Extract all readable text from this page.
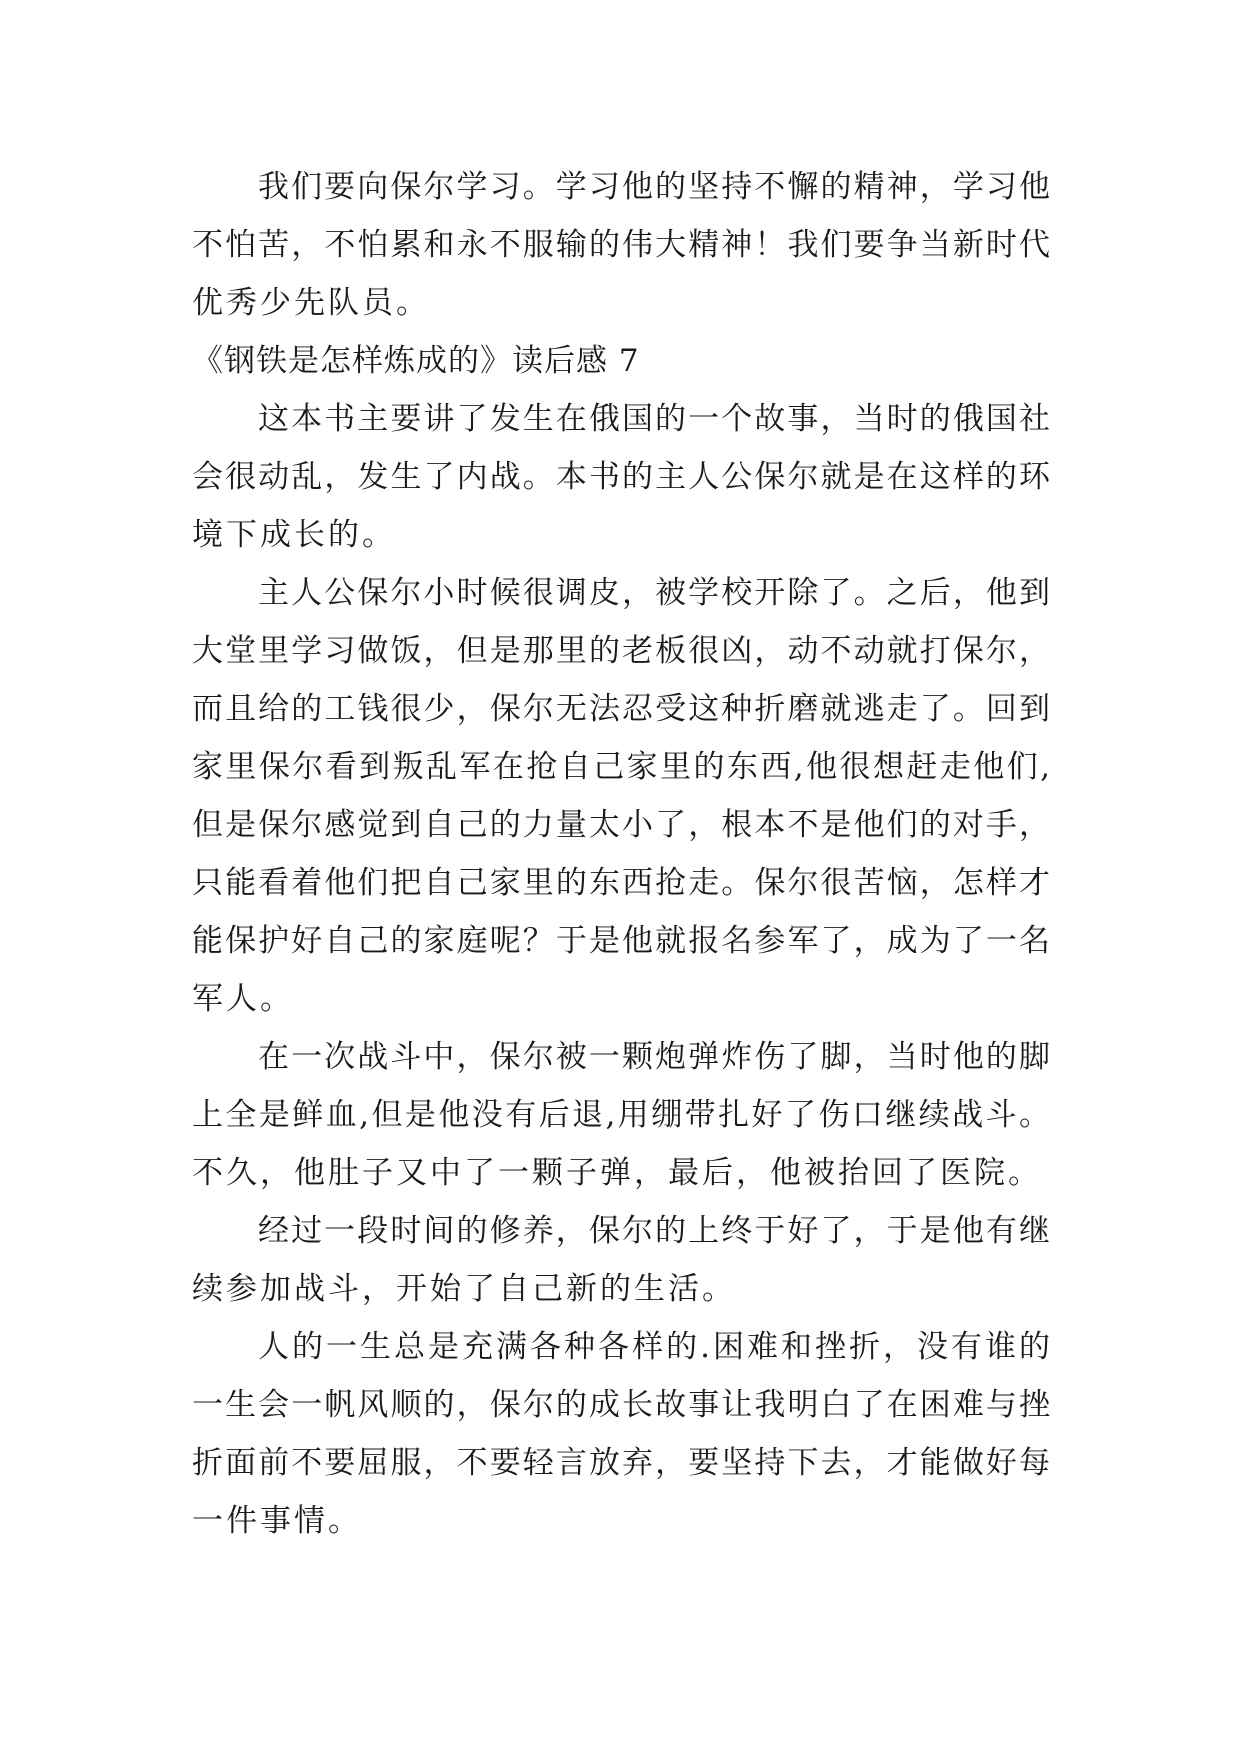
我们要向保尔学习。学习他的坚持不懈的精神，学习他
不怕苦，不怕累和永不服输的伟大精神！我们要争当新时代
优秀少先队员。
《钢铁是怎样炼成的》读后感 7
这本书主要讲了发生在俄国的一个故事，当时的俄国社
会很动乱，发生了内战。本书的主人公保尔就是在这样的环
境下成长的。
主人公保尔小时候很调皮，被学校开除了。之后，他到
大堂里学习做饭，但是那里的老板很凶，动不动就打保尔，
而且给的工钱很少，保尔无法忍受这种折磨就逃走了。回到
家里保尔看到叛乱军在抢自己家里的东西,他很想赶走他们,
但是保尔感觉到自己的力量太小了，根本不是他们的对手，
只能看着他们把自己家里的东西抢走。保尔很苦恼，怎样才
能保护好自己的家庭呢？于是他就报名参军了，成为了一名
军人。
在一次战斗中，保尔被一颗炮弹炸伤了脚，当时他的脚
上全是鲜血,但是他没有后退,用绷带扎好了伤口继续战斗。
不久，他肚子又中了一颗子弹，最后，他被抬回了医院。
经过一段时间的修养，保尔的上终于好了，于是他有继
续参加战斗，开始了自己新的生活。
人的一生总是充满各种各样的.困难和挫折，没有谁的
一生会一帆风顺的，保尔的成长故事让我明白了在困难与挫
折面前不要屈服，不要轻言放弃，要坚持下去，才能做好每
一件事情。
